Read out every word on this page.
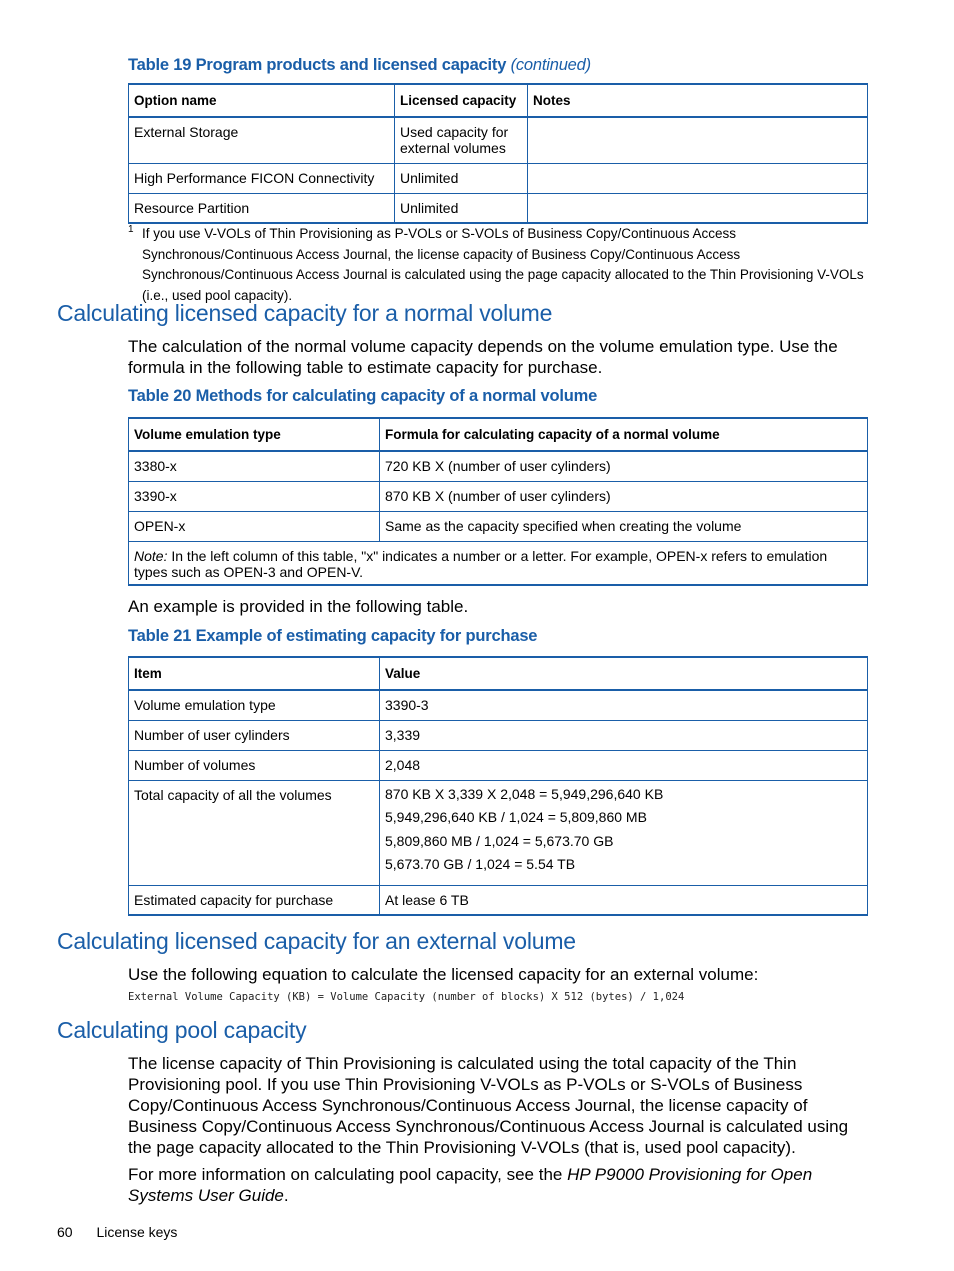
Table 19 Program products and licensed capacity (continued)
Option name	Licensed capacity	Notes
External Storage	Used capacity for external volumes	
High Performance FICON Connectivity	Unlimited	
Resource Partition	Unlimited	
1 If you use V-VOLs of Thin Provisioning as P-VOLs or S-VOLs of Business Copy/Continuous Access Synchronous/Continuous Access Journal, the license capacity of Business Copy/Continuous Access Synchronous/Continuous Access Journal is calculated using the page capacity allocated to the Thin Provisioning V-VOLs (i.e., used pool capacity).
Calculating licensed capacity for a normal volume

The calculation of the normal volume capacity depends on the volume emulation type. Use the formula in the following table to estimate capacity for purchase.

Table 20 Methods for calculating capacity of a normal volume
Volume emulation type	Formula for calculating capacity of a normal volume
3380-x	720 KB X (number of user cylinders)
3390-x	870 KB X (number of user cylinders)
OPEN-x	Same as the capacity specified when creating the volume
Note: In the left column of this table, "x" indicates a number or a letter. For example, OPEN-x refers to emulation types such as OPEN-3 and OPEN-V.	

An example is provided in the following table.

Table 21 Example of estimating capacity for purchase
Item	Value
Volume emulation type	3390-3
Number of user cylinders	3,339
Number of volumes	2,048
Total capacity of all the volumes	870 KB X 3,339 X 2,048 = 5,949,296,640 KB
5,949,296,640 KB / 1,024 = 5,809,860 MB
5,809,860 MB / 1,024 = 5,673.70 GB
5,673.70 GB / 1,024 = 5.54 TB

Estimated capacity for purchase	At lease 6 TB
Calculating licensed capacity for an external volume

Use the following equation to calculate the licensed capacity for an external volume:

External Volume Capacity (KB) = Volume Capacity (number of blocks) X 512 (bytes) / 1,024
Calculating pool capacity

The license capacity of Thin Provisioning is calculated using the total capacity of the Thin Provisioning pool. If you use Thin Provisioning V-VOLs as P-VOLs or S-VOLs of Business Copy/Continuous Access Synchronous/Continuous Access Journal, the license capacity of Business Copy/Continuous Access Synchronous/Continuous Access Journal is calculated using the page capacity allocated to the Thin Provisioning V-VOLs (that is, used pool capacity).

For more information on calculating pool capacity, see the HP P9000 Provisioning for Open Systems User Guide.

60 License keys
